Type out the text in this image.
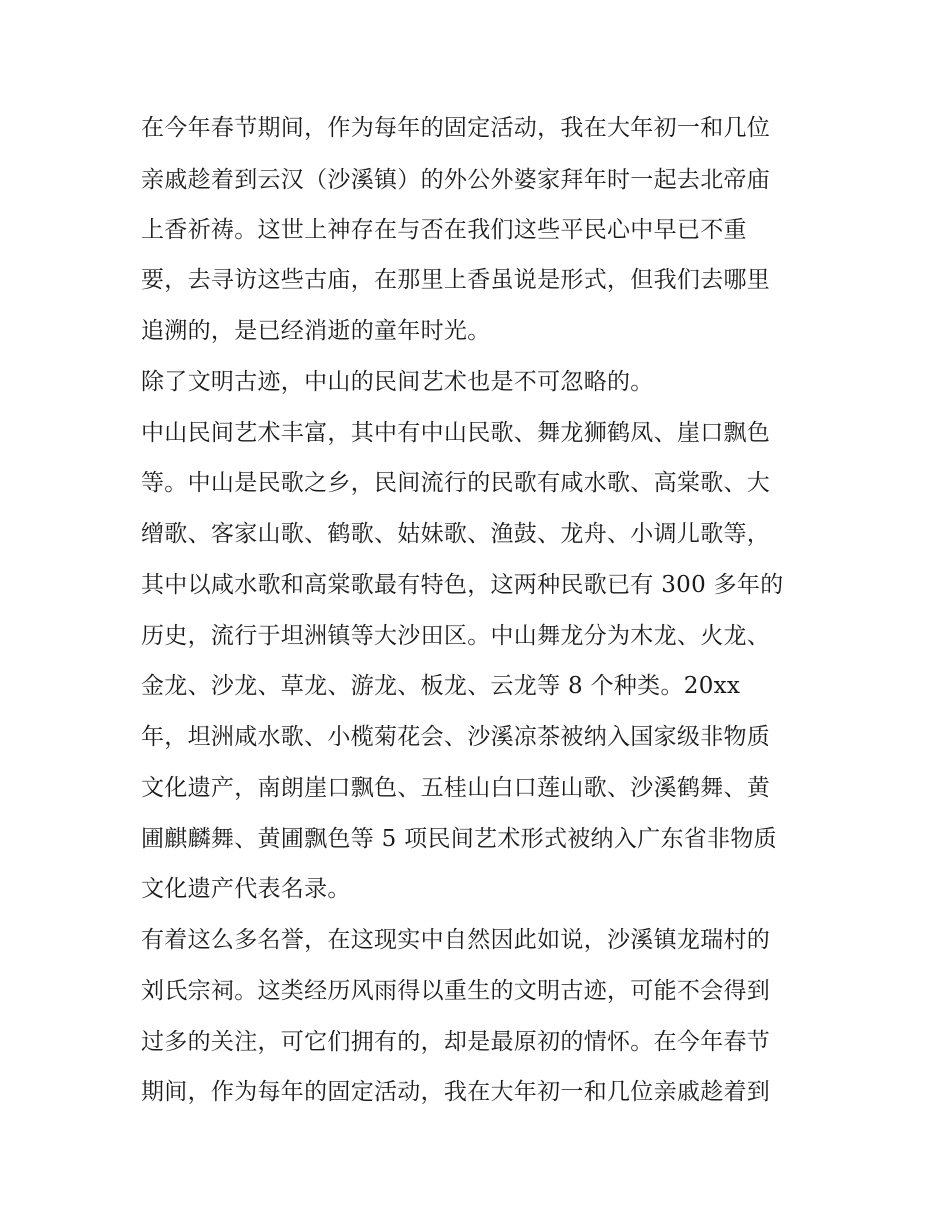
在今年春节期间，作为每年的固定活动，我在大年初一和几位
亲戚趁着到云汉（沙溪镇）的外公外婆家拜年时一起去北帝庙
上香祈祷。这世上神存在与否在我们这些平民心中早已不重
要，去寻访这些古庙，在那里上香虽说是形式，但我们去哪里
追溯的，是已经消逝的童年时光。
除了文明古迹，中山的民间艺术也是不可忽略的。
中山民间艺术丰富，其中有中山民歌、舞龙狮鹤凤、崖口飘色
等。中山是民歌之乡，民间流行的民歌有咸水歌、高棠歌、大
缯歌、客家山歌、鹤歌、姑妹歌、渔鼓、龙舟、小调儿歌等，
其中以咸水歌和高棠歌最有特色，这两种民歌已有 300 多年的
历史，流行于坦洲镇等大沙田区。中山舞龙分为木龙、火龙、
金龙、沙龙、草龙、游龙、板龙、云龙等 8 个种类。20xx
年，坦洲咸水歌、小榄菊花会、沙溪凉茶被纳入国家级非物质
文化遗产，南朗崖口飘色、五桂山白口莲山歌、沙溪鹤舞、黄
圃麒麟舞、黄圃飘色等 5 项民间艺术形式被纳入广东省非物质
文化遗产代表名录。
有着这么多名誉，在这现实中自然因此如说，沙溪镇龙瑞村的
刘氏宗祠。这类经历风雨得以重生的文明古迹，可能不会得到
过多的关注，可它们拥有的，却是最原初的情怀。在今年春节
期间，作为每年的固定活动，我在大年初一和几位亲戚趁着到
